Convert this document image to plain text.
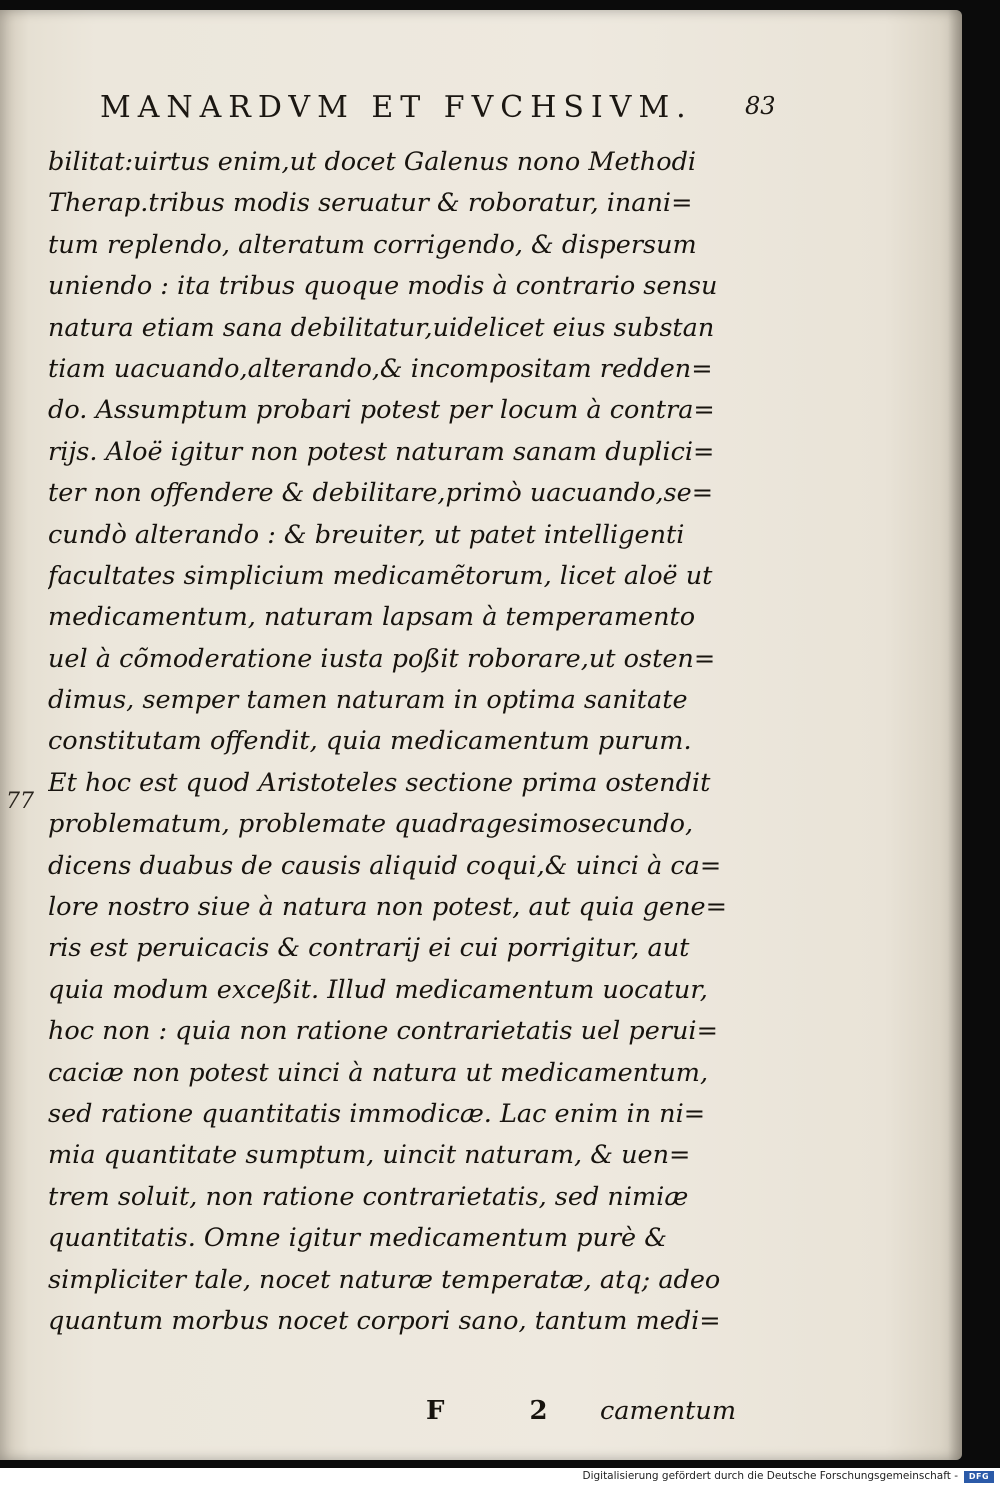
MANARDVM ET FVCHSIVM.	83
77
bilitat:uirtus enim,ut docet Galenus nono Methodi
Therap.tribus modis seruatur & roboratur, inani=
tum replendo, alteratum corrigendo, & dispersum
uniendo : ita tribus quoque modis à contrario sensu
natura etiam sana debilitatur,uidelicet eius substan
tiam uacuando,alterando,& incompositam redden=
do. Assumptum probari potest per locum à contra=
rijs. Aloë igitur non potest naturam sanam duplici=
ter non offendere & debilitare,primò uacuando,se=
cundò alterando : & breuiter, ut patet intelligenti
facultates simplicium medicamẽtorum, licet aloë ut
medicamentum, naturam lapsam à temperamento
uel à cõmoderatione iusta poßit roborare,ut osten=
dimus, semper tamen naturam in optima sanitate
constitutam offendit, quia medicamentum purum.
Et hoc est quod Aristoteles sectione prima ostendit
problematum, problemate quadragesimosecundo,
dicens duabus de causis aliquid coqui,& uinci à ca=
lore nostro siue à natura non potest, aut quia gene=
ris est peruicacis & contrarij ei cui porrigitur, aut
quia modum exceßit. Illud medicamentum uocatur,
hoc non : quia non ratione contrarietatis uel perui=
caciæ non potest uinci à natura ut medicamentum,
sed ratione quantitatis immodicæ. Lac enim in ni=
mia quantitate sumptum, uincit naturam, & uen=
trem soluit, non ratione contrarietatis, sed nimiæ
quantitatis. Omne igitur medicamentum purè &
simpliciter tale, nocet naturæ temperatæ, atq; adeo
quantum morbus nocet corpori sano, tantum medi=
F 2 camentum
Digitalisierung gefördert durch die Deutsche Forschungsgemeinschaft -	DFG
